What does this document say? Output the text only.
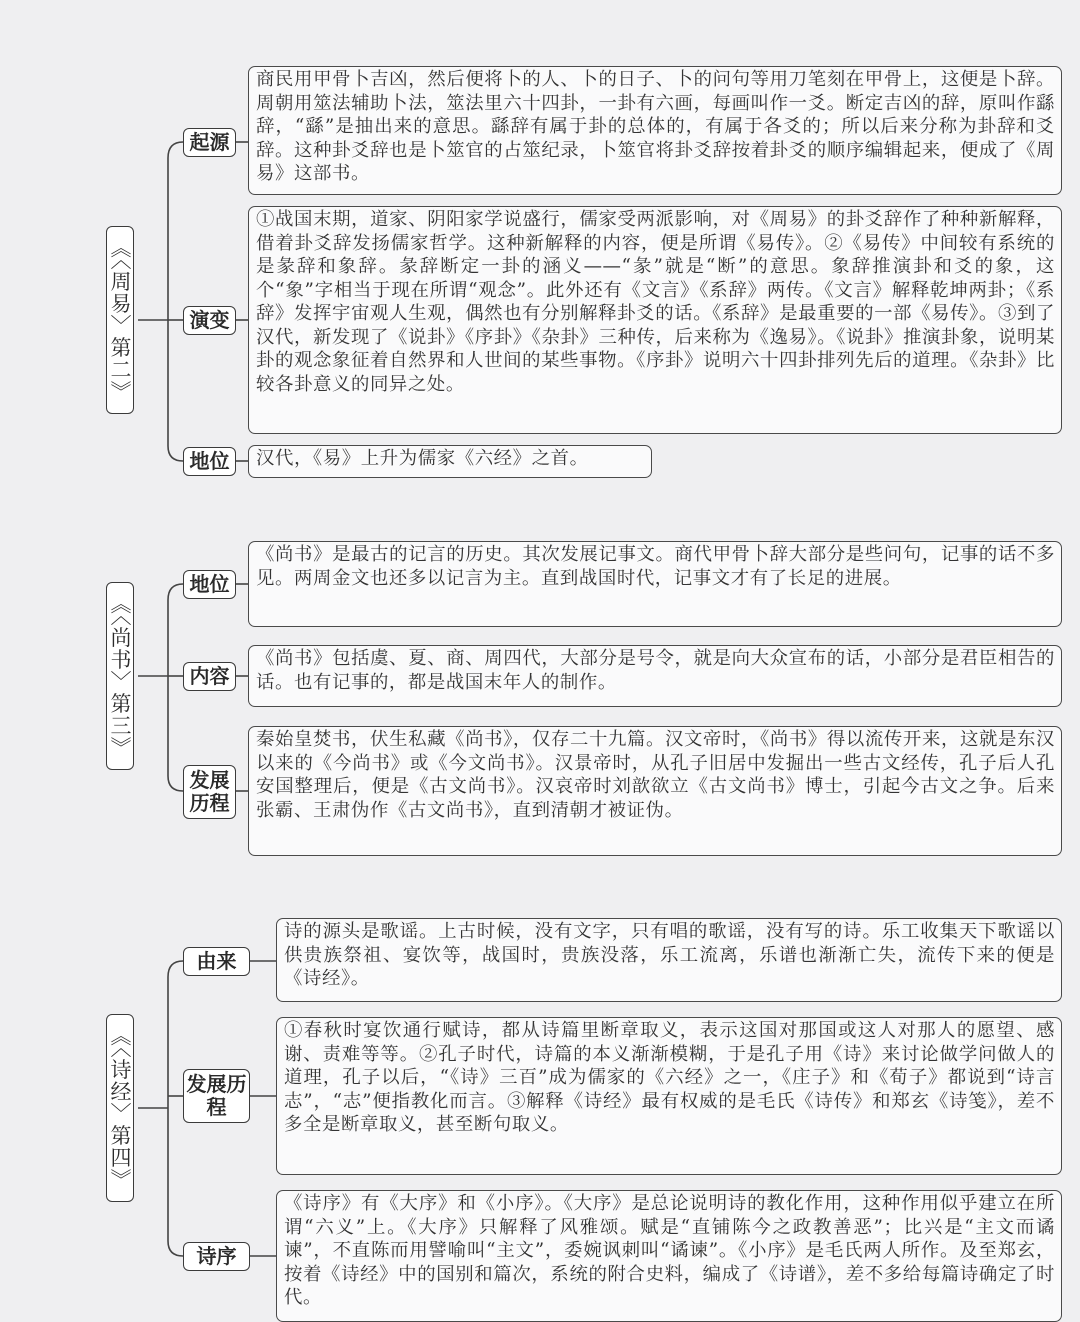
《〈周易〉第二》
起源
商民用甲骨卜吉凶，然后便将卜的人、卜的日子、卜的问句等用刀笔刻在甲骨上，这便是卜辞。周朝用筮法辅助卜法，筮法里六十四卦，一卦有六画，每画叫作一爻。断定吉凶的辞，原叫作繇辞，“繇”是抽出来的意思。繇辞有属于卦的总体的，有属于各爻的；所以后来分称为卦辞和爻辞。这种卦爻辞也是卜筮官的占筮纪录，卜筮官将卦爻辞按着卦爻的顺序编辑起来，便成了《周易》这部书。
演变
①战国末期，道家、阴阳家学说盛行，儒家受两派影响，对《周易》的卦爻辞作了种种新解释，借着卦爻辞发扬儒家哲学。这种新解释的内容，便是所谓《易传》。②《易传》中间较有系统的是彖辞和象辞。彖辞断定一卦的涵义——“彖”就是“断”的意思。象辞推演卦和爻的象，这个“象”字相当于现在所谓“观念”。此外还有《文言》《系辞》两传。《文言》解释乾坤两卦；《系辞》发挥宇宙观人生观，偶然也有分别解释卦爻的话。《系辞》是最重要的一部《易传》。③到了汉代，新发现了《说卦》《序卦》《杂卦》三种传，后来称为《逸易》。《说卦》推演卦象，说明某卦的观念象征着自然界和人世间的某些事物。《序卦》说明六十四卦排列先后的道理。《杂卦》比较各卦意义的同异之处。
地位	汉代，《易》上升为儒家《六经》之首。
《〈尚书〉第三》
地位
《尚书》是最古的记言的历史。其次发展记事文。商代甲骨卜辞大部分是些问句，记事的话不多见。两周金文也还多以记言为主。直到战国时代，记事文才有了长足的进展。
内容
《尚书》包括虞、夏、商、周四代，大部分是号令，就是向大众宣布的话，小部分是君臣相告的话。也有记事的，都是战国末年人的制作。
发展历程
秦始皇焚书，伏生私藏《尚书》，仅存二十九篇。汉文帝时，《尚书》得以流传开来，这就是东汉以来的《今尚书》或《今文尚书》。汉景帝时，从孔子旧居中发掘出一些古文经传，孔子后人孔安国整理后，便是《古文尚书》。汉哀帝时刘歆欲立《古文尚书》博士，引起今古文之争。后来张霸、王肃伪作《古文尚书》，直到清朝才被证伪。
《〈诗经〉第四》
由来
诗的源头是歌谣。上古时候，没有文字，只有唱的歌谣，没有写的诗。乐工收集天下歌谣以供贵族祭祖、宴饮等，战国时，贵族没落，乐工流离，乐谱也渐渐亡失，流传下来的便是《诗经》。
发展历程
①春秋时宴饮通行赋诗，都从诗篇里断章取义，表示这国对那国或这人对那人的愿望、感谢、责难等等。②孔子时代，诗篇的本义渐渐模糊，于是孔子用《诗》来讨论做学问做人的道理，孔子以后，“《诗》三百”成为儒家的《六经》之一，《庄子》和《荀子》都说到“诗言志”，“志”便指教化而言。③解释《诗经》最有权威的是毛氏《诗传》和郑玄《诗笺》，差不多全是断章取义，甚至断句取义。
诗序
《诗序》有《大序》和《小序》。《大序》是总论说明诗的教化作用，这种作用似乎建立在所谓“六义”上。《大序》只解释了风雅颂。赋是“直铺陈今之政教善恶”；比兴是“主文而谲谏”，不直陈而用譬喻叫“主文”，委婉讽刺叫“谲谏”。《小序》是毛氏两人所作。及至郑玄，按着《诗经》中的国别和篇次，系统的附合史料，编成了《诗谱》，差不多给每篇诗确定了时代。
